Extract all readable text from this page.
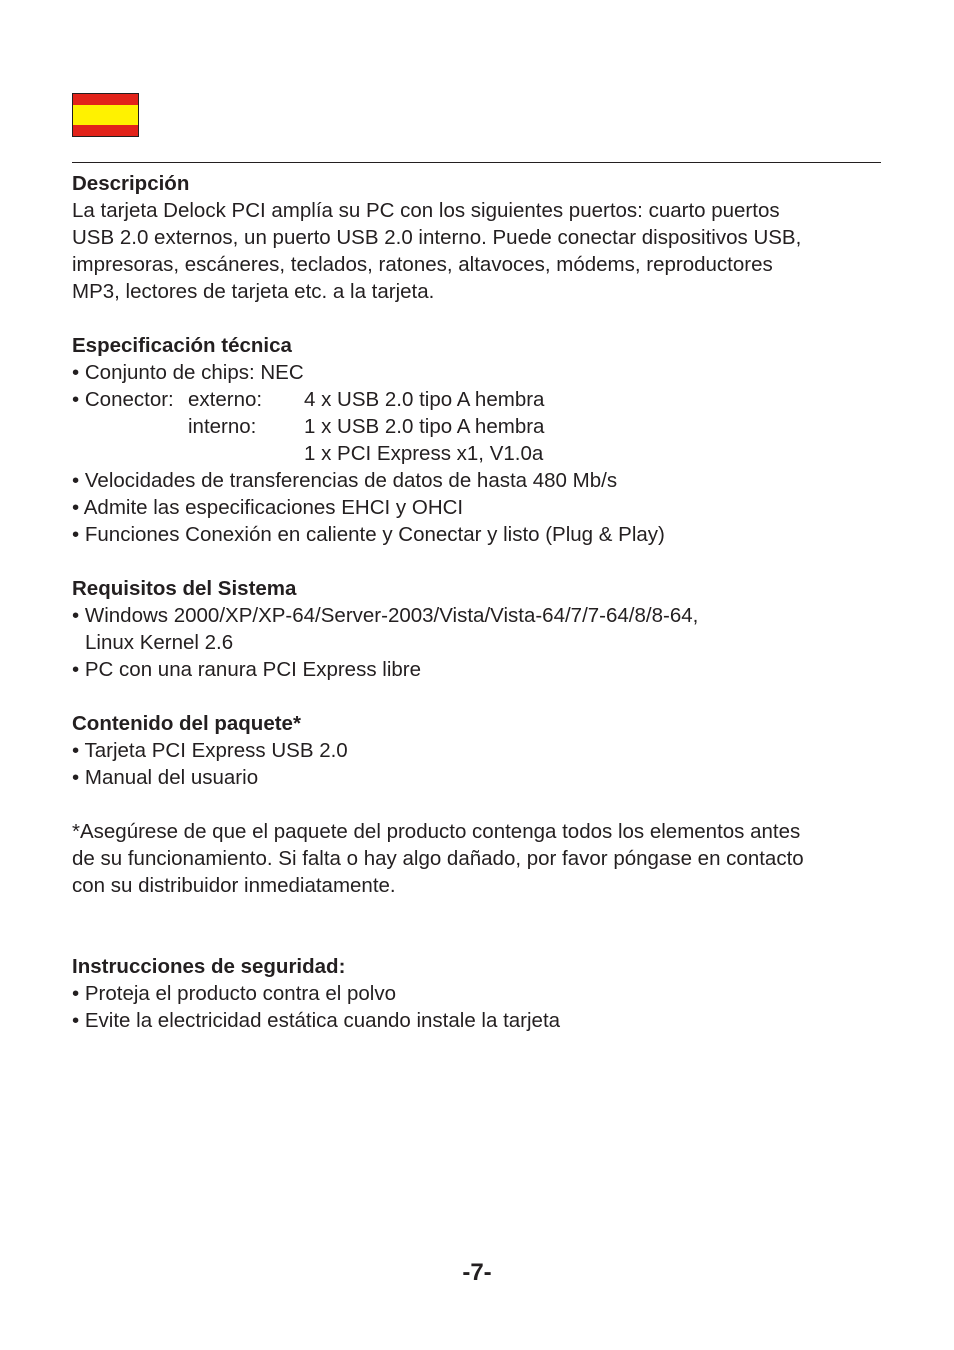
Descripción
La tarjeta Delock PCI amplía su PC con los siguientes puertos: cuarto puertos
USB 2.0 externos, un puerto USB 2.0 interno. Puede conectar dispositivos USB,
impresoras, escáneres, teclados, ratones, altavoces, módems, reproductores
MP3, lectores de tarjeta etc. a la tarjeta.
Especificación técnica
• Conjunto de chips: NEC
• Conector: externo:	4 x USB 2.0 tipo A hembra
interno:	1 x USB 2.0 tipo A hembra
1 x PCI Express x1, V1.0a
• Velocidades de transferencias de datos de hasta 480 Mb/s
• Admite las especificaciones EHCI y OHCI
• Funciones Conexión en caliente y Conectar y listo (Plug & Play)
Requisitos del Sistema
• Windows 2000/XP/XP-64/Server-2003/Vista/Vista-64/7/7-64/8/8-64,
Linux Kernel 2.6
• PC con una ranura PCI Express libre
Contenido del paquete*
• Tarjeta PCI Express USB 2.0
• Manual del usuario
*Asegúrese de que el paquete del producto contenga todos los elementos antes
de su funcionamiento. Si falta o hay algo dañado, por favor póngase en contacto
con su distribuidor inmediatamente.
Instrucciones de seguridad:
• Proteja el producto contra el polvo
• Evite la electricidad estática cuando instale la tarjeta
-7-
